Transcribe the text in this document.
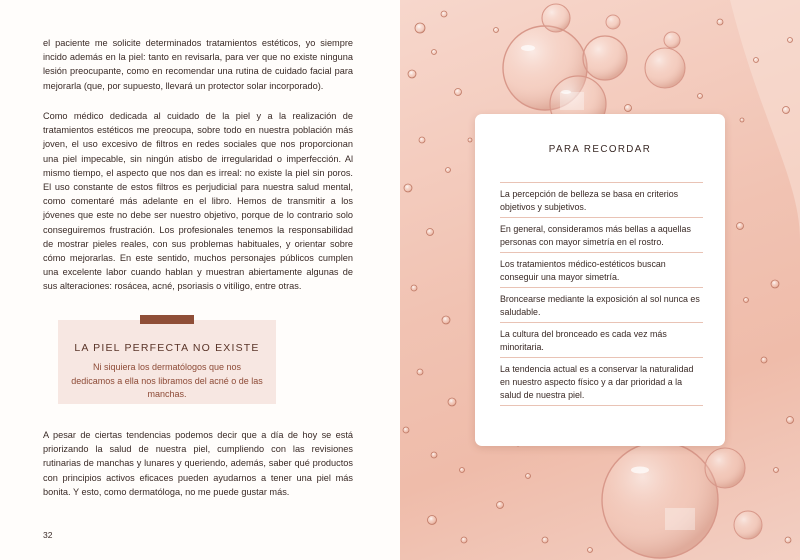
el paciente me solicite determinados tratamientos estéticos, yo siempre incido además en la piel: tanto en revisarla, para ver que no existe ninguna lesión preocupante, como en recomendar una rutina de cuidado facial para mejorarla (que, por supuesto, llevará un protector solar incorporado).

Como médico dedicada al cuidado de la piel y a la realización de tratamientos estéticos me preocupa, sobre todo en nuestra población más joven, el uso excesivo de filtros en redes sociales que nos proporcionan una piel impecable, sin ningún atisbo de irregularidad o imperfección. Al mismo tiempo, el aspecto que nos dan es irreal: no existe la piel sin poros. El uso constante de estos filtros es perjudicial para nuestra salud mental, como comentaré más adelante en el libro. Hemos de transmitir a los jóvenes que este no debe ser nuestro objetivo, porque de lo contrario solo conseguiremos frustración. Los profesionales tenemos la responsabilidad de mostrar pieles reales, con sus problemas habituales, y orientar sobre cómo mejorarlas. En este sentido, muchos personajes públicos cumplen una excelente labor cuando hablan y muestran abiertamente algunas de sus alteraciones: rosácea, acné, psoriasis o vitíligo, entre otras.

LA PIEL PERFECTA NO EXISTE

Ni siquiera los dermatólogos que nos dedicamos a ella nos libramos del acné o de las manchas.

A pesar de ciertas tendencias podemos decir que a día de hoy se está priorizando la salud de nuestra piel, cumpliendo con las revisiones rutinarias de manchas y lunares y queriendo, además, saber qué productos con principios activos eficaces pueden ayudarnos a tener una piel más bonita. Y esto, como dermatóloga, no me puede gustar más.

32

PARA RECORDAR

La percepción de belleza se basa en criterios objetivos y subjetivos.
En general, consideramos más bellas a aquellas personas con mayor simetría en el rostro.
Los tratamientos médico-estéticos buscan conseguir una mayor simetría.
Broncearse mediante la exposición al sol nunca es saludable.
La cultura del bronceado es cada vez más minoritaria.
La tendencia actual es a conservar la naturalidad en nuestro aspecto físico y a dar prioridad a la salud de nuestra piel.
